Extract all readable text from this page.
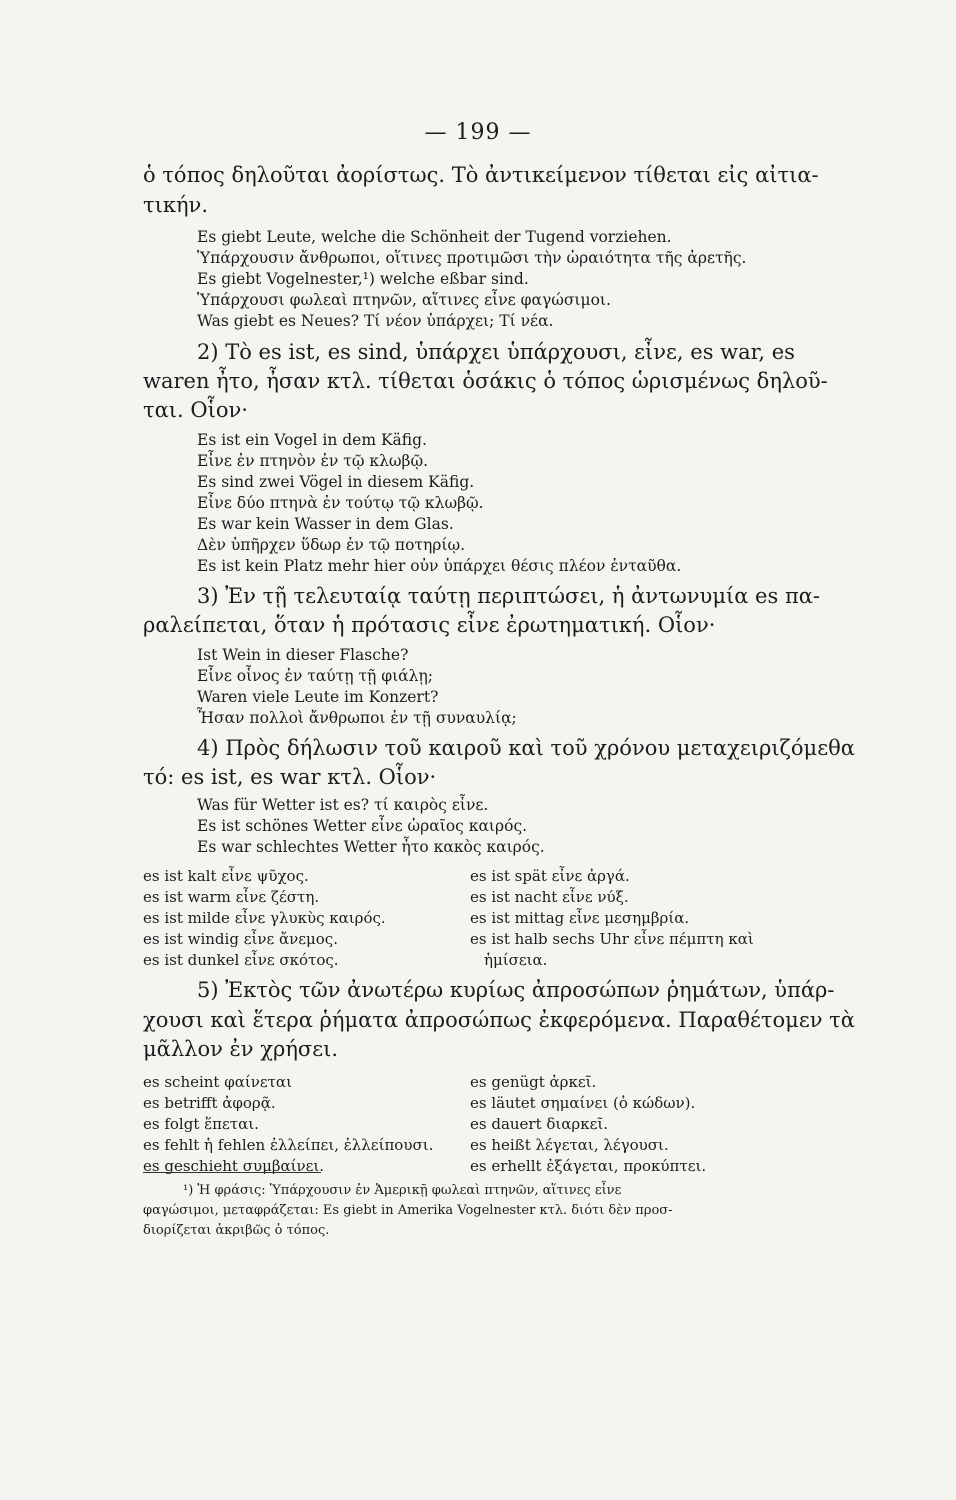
— 199 —
ὁ τόπος δηλοῦται ἀορίστως. Τὸ ἀντικείμενον τίθεται εἰς αἰτια-
τικήν.
Es giebt Leute, welche die Schönheit der Tugend vorziehen.
Ὑπάρχουσιν ἄνθρωποι, οἵτινες προτιμῶσι τὴν ὡραιότητα τῆς ἀρετῆς.
Es giebt Vogelnester,¹) welche eßbar sind.
Ὑπάρχουσι φωλεαὶ πτηνῶν, αἵτινες εἶνε φαγώσιμοι.
Was giebt es Neues? Τί νέον ὑπάρχει; Τί νέα.
2) Τὸ es ist, es sind, ὑπάρχει ὑπάρχουσι, εἶνε, es war, es
waren ἦτο, ἦσαν κτλ. τίθεται ὁσάκις ὁ τόπος ὡρισμένως δηλοῦ-
ται. Οἷον·
Es ist ein Vogel in dem Käfig.
Εἶνε ἐν πτηνὸν ἐν τῷ κλωβῷ.
Es sind zwei Vögel in diesem Käfig.
Εἶνε δύο πτηνὰ ἐν τούτῳ τῷ κλωβῷ.
Es war kein Wasser in dem Glas.
Δὲν ὑπῆρχεν ὕδωρ ἐν τῷ ποτηρίῳ.
Es ist kein Platz mehr hier οὐν ὑπάρχει θέσις πλέον ἐνταῦθα.
3) Ἐν τῇ τελευταίᾳ ταύτῃ περιπτώσει, ἡ ἀντωνυμία es πα-
ραλείπεται, ὅταν ἡ πρότασις εἶνε ἐρωτηματική. Οἷον·
Ist Wein in dieser Flasche?
Εἶνε οἶνος ἐν ταύτῃ τῇ φιάλῃ;
Waren viele Leute im Konzert?
Ἦσαν πολλοὶ ἄνθρωποι ἐν τῇ συναυλίᾳ;
4) Πρὸς δήλωσιν τοῦ καιροῦ καὶ τοῦ χρόνου μεταχειριζόμεθα
τό: es ist, es war κτλ. Οἷον·
Was für Wetter ist es? τί καιρὸς εἶνε.
Es ist schönes Wetter εἶνε ὡραῖος καιρός.
Es war schlechtes Wetter ἦτο κακὸς καιρός.
es ist kalt εἶνε ψῦχος.
es ist warm εἶνε ζέστη.
es ist milde εἶνε γλυκὺς καιρός.
es ist windig εἶνε ἄνεμος.
es ist dunkel εἶνε σκότος.
es ist spät εἶνε ἀργά.
es ist nacht εἶνε νύξ.
es ist mittag εἶνε μεσημβρία.
es ist halb sechs Uhr εἶνε πέμπτη καὶ
ἡμίσεια.
5) Ἐκτὸς τῶν ἀνωτέρω κυρίως ἀπροσώπων ῥημάτων, ὑπάρ-
χουσι καὶ ἕτερα ῥήματα ἀπροσώπως ἐκφερόμενα. Παραθέτομεν τὰ
μᾶλλον ἐν χρήσει.
es scheint φαίνεται
es betrifft ἀφορᾷ.
es folgt ἕπεται.
es fehlt ἡ fehlen ἐλλείπει, ἐλλείπουσι.
es geschieht συμβαίνει.
es genügt ἀρκεῖ.
es läutet σημαίνει (ὁ κώδων).
es dauert διαρκεῖ.
es heißt λέγεται, λέγουσι.
es erhellt ἐξάγεται, προκύπτει.
¹) Ἡ φράσις: Ὑπάρχουσιν ἐν Ἀμερικῇ φωλεαὶ πτηνῶν, αἵτινες εἶνε
φαγώσιμοι, μεταφράζεται: Es giebt in Amerika Vogelnester κτλ. διότι δὲν προσ-
διορίζεται ἀκριβῶς ὁ τόπος.
